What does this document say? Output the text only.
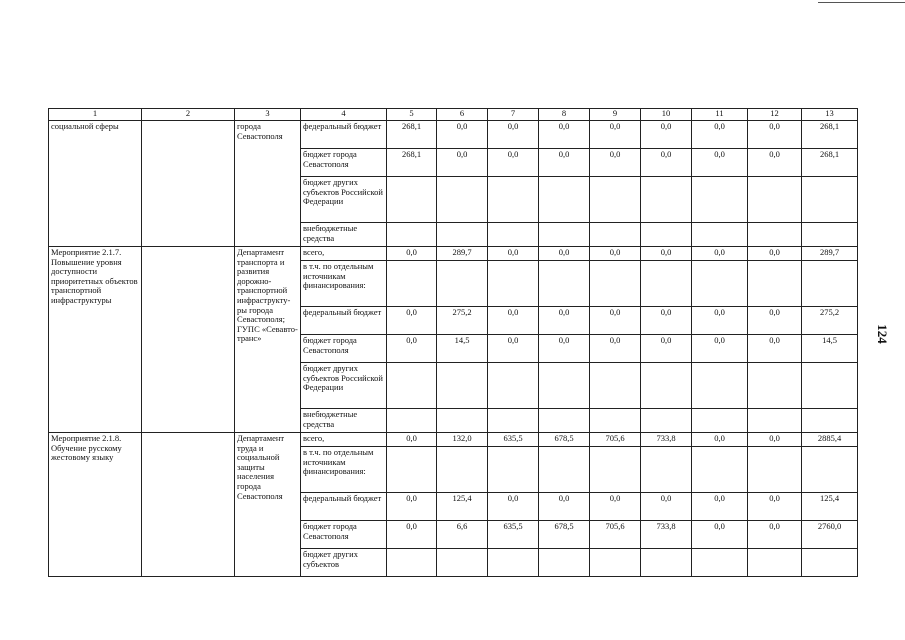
124
1	2	3	4	5	6	7	8	9	10	11	12	13
социальной сферы		города Севастополя	федеральный бюджет	268,1	0,0	0,0	0,0	0,0	0,0	0,0	0,0	268,1
			бюджет города Севастополя	268,1	0,0	0,0	0,0	0,0	0,0	0,0	0,0	268,1
			бюджет других субъектов Российской Федерации									
			внебюджетные средства									
Мероприятие 2.1.7. Повышение уровня доступности приоритетных объектов транспортной инфраструктуры		Департамент транспорта и развития дорожно-транспортной инфраструкту-ры города Севастополя; ГУПС «Севавто-транс»	всего,	0,0	289,7	0,0	0,0	0,0	0,0	0,0	0,0	289,7
			в т.ч. по отдельным источникам финансирования:									
			федеральный бюджет	0,0	275,2	0,0	0,0	0,0	0,0	0,0	0,0	275,2
			бюджет города Севастополя	0,0	14,5	0,0	0,0	0,0	0,0	0,0	0,0	14,5
			бюджет других субъектов Российской Федерации									
			внебюджетные средства									
Мероприятие 2.1.8. Обучение русскому жестовому языку		Департамент труда и социальной защиты населения города Севастополя	всего,	0,0	132,0	635,5	678,5	705,6	733,8	0,0	0,0	2885,4
			в т.ч. по отдельным источникам финансирования:									
			федеральный бюджет	0,0	125,4	0,0	0,0	0,0	0,0	0,0	0,0	125,4
			бюджет города Севастополя	0,0	6,6	635,5	678,5	705,6	733,8	0,0	0,0	2760,0
			бюджет других субъектов									
